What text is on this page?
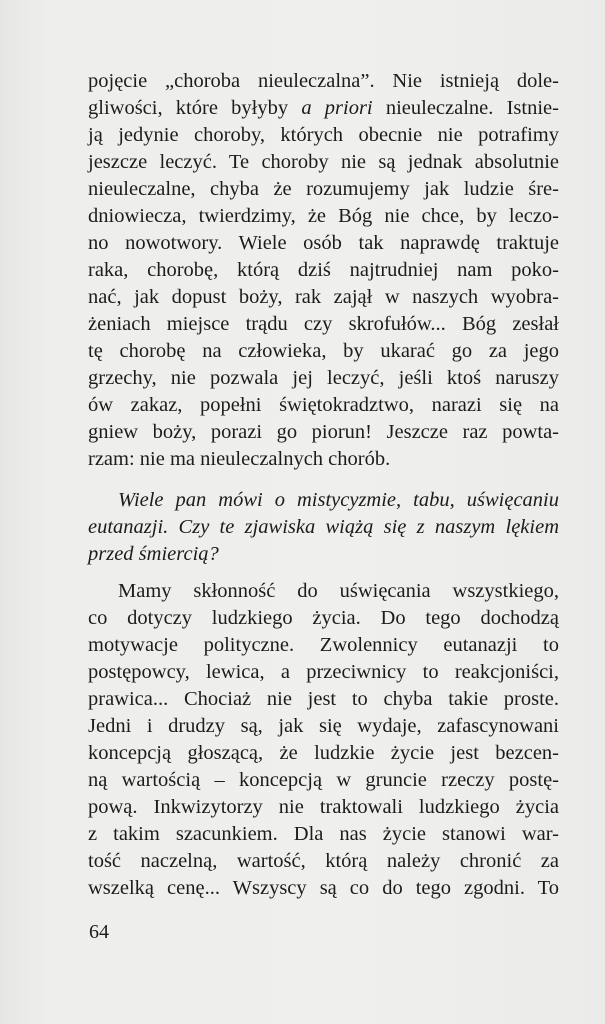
pojęcie „choroba nieuleczalna”. Nie istnieją dole-
gliwości, które byłyby a priori nieuleczalne. Istnie-
ją jedynie choroby, których obecnie nie potrafimy
jeszcze leczyć. Te choroby nie są jednak absolutnie
nieuleczalne, chyba że rozumujemy jak ludzie śre-
dniowiecza, twierdzimy, że Bóg nie chce, by leczo-
no nowotwory. Wiele osób tak naprawdę traktuje
raka, chorobę, którą dziś najtrudniej nam poko-
nać, jak dopust boży, rak zajął w naszych wyobra-
żeniach miejsce trądu czy skrofułów... Bóg zesłał
tę chorobę na człowieka, by ukarać go za jego
grzechy, nie pozwala jej leczyć, jeśli ktoś naruszy
ów zakaz, popełni świętokradztwo, narazi się na
gniew boży, porazi go piorun! Jeszcze raz powta-
rzam: nie ma nieuleczalnych chorób.
Wiele pan mówi o mistycyzmie, tabu, uświęcaniu
eutanazji. Czy te zjawiska wiążą się z naszym lękiem
przed śmiercią?
Mamy skłonność do uświęcania wszystkiego,
co dotyczy ludzkiego życia. Do tego dochodzą
motywacje polityczne. Zwolennicy eutanazji to
postępowcy, lewica, a przeciwnicy to reakcjoniści,
prawica... Chociaż nie jest to chyba takie proste.
Jedni i drudzy są, jak się wydaje, zafascynowani
koncepcją głoszącą, że ludzkie życie jest bezcen-
ną wartością – koncepcją w gruncie rzeczy postę-
pową. Inkwizytorzy nie traktowali ludzkiego życia
z takim szacunkiem. Dla nas życie stanowi war-
tość naczelną, wartość, którą należy chronić za
wszelką cenę... Wszyscy są co do tego zgodni. To
64
